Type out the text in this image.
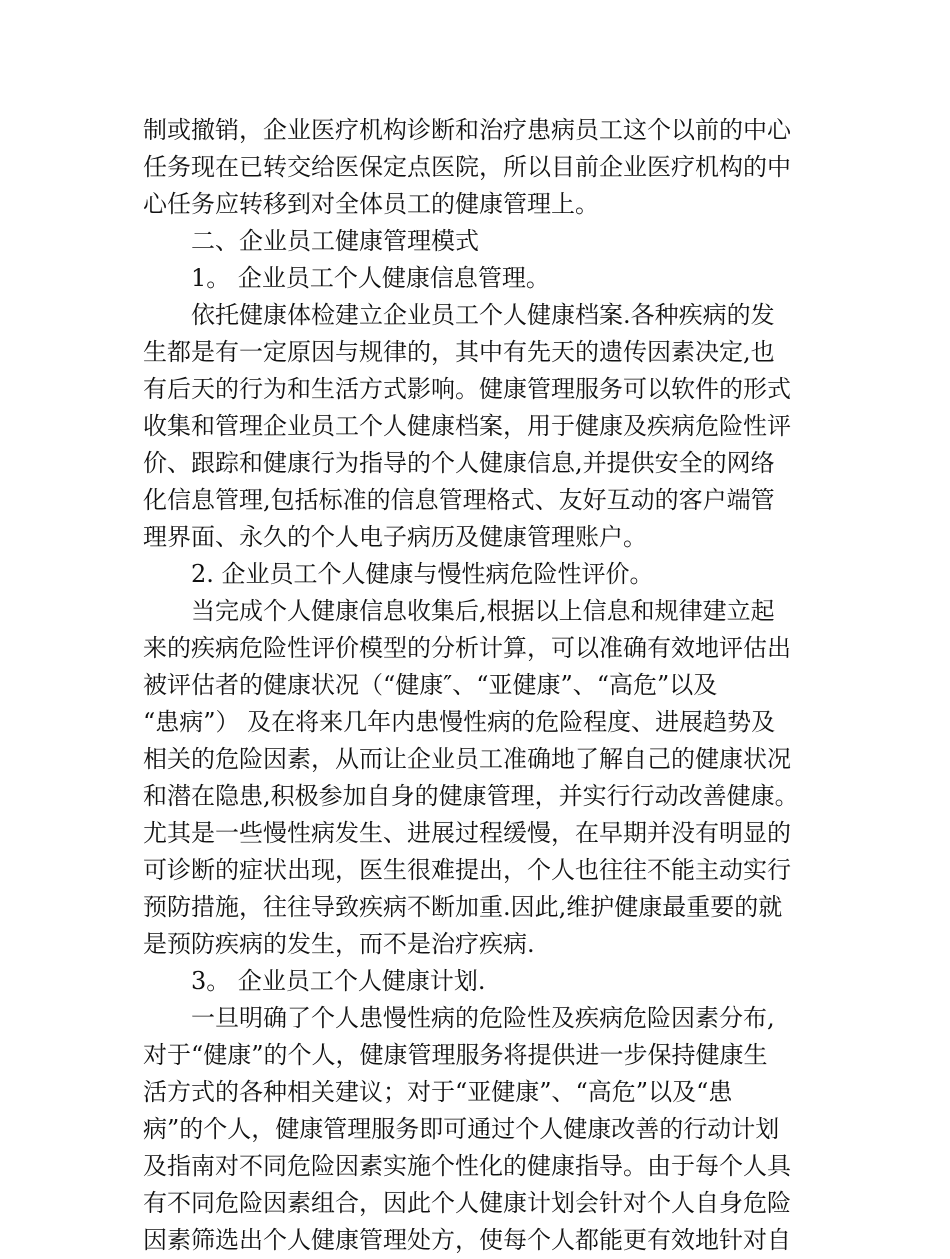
制或撤销，企业医疗机构诊断和治疗患病员工这个以前的中心
任务现在已转交给医保定点医院，所以目前企业医疗机构的中
心任务应转移到对全体员工的健康管理上。
二、企业员工健康管理模式
1。 企业员工个人健康信息管理。
依托健康体检建立企业员工个人健康档案.各种疾病的发
生都是有一定原因与规律的，其中有先天的遗传因素决定,也
有后天的行为和生活方式影响。健康管理服务可以软件的形式
收集和管理企业员工个人健康档案，用于健康及疾病危险性评
价、跟踪和健康行为指导的个人健康信息,并提供安全的网络
化信息管理,包括标准的信息管理格式、友好互动的客户端管
理界面、永久的个人电子病历及健康管理账户。
2. 企业员工个人健康与慢性病危险性评价。
当完成个人健康信息收集后,根据以上信息和规律建立起
来的疾病危险性评价模型的分析计算，可以准确有效地评估出
被评估者的健康状况（“健康″、“亚健康”、“高危”以及
“患病”） 及在将来几年内患慢性病的危险程度、进展趋势及
相关的危险因素，从而让企业员工准确地了解自己的健康状况
和潜在隐患,积极参加自身的健康管理，并实行行动改善健康。
尤其是一些慢性病发生、进展过程缓慢，在早期并没有明显的
可诊断的症状出现，医生很难提出，个人也往往不能主动实行
预防措施，往往导致疾病不断加重.因此,维护健康最重要的就
是预防疾病的发生，而不是治疗疾病.
3。 企业员工个人健康计划.
一旦明确了个人患慢性病的危险性及疾病危险因素分布,
对于“健康”的个人，健康管理服务将提供进一步保持健康生
活方式的各种相关建议；对于“亚健康”、“高危”以及“患
病”的个人，健康管理服务即可通过个人健康改善的行动计划
及指南对不同危险因素实施个性化的健康指导。由于每个人具
有不同危险因素组合，因此个人健康计划会针对个人自身危险
因素筛选出个人健康管理处方，使每个人都能更有效地针对自
